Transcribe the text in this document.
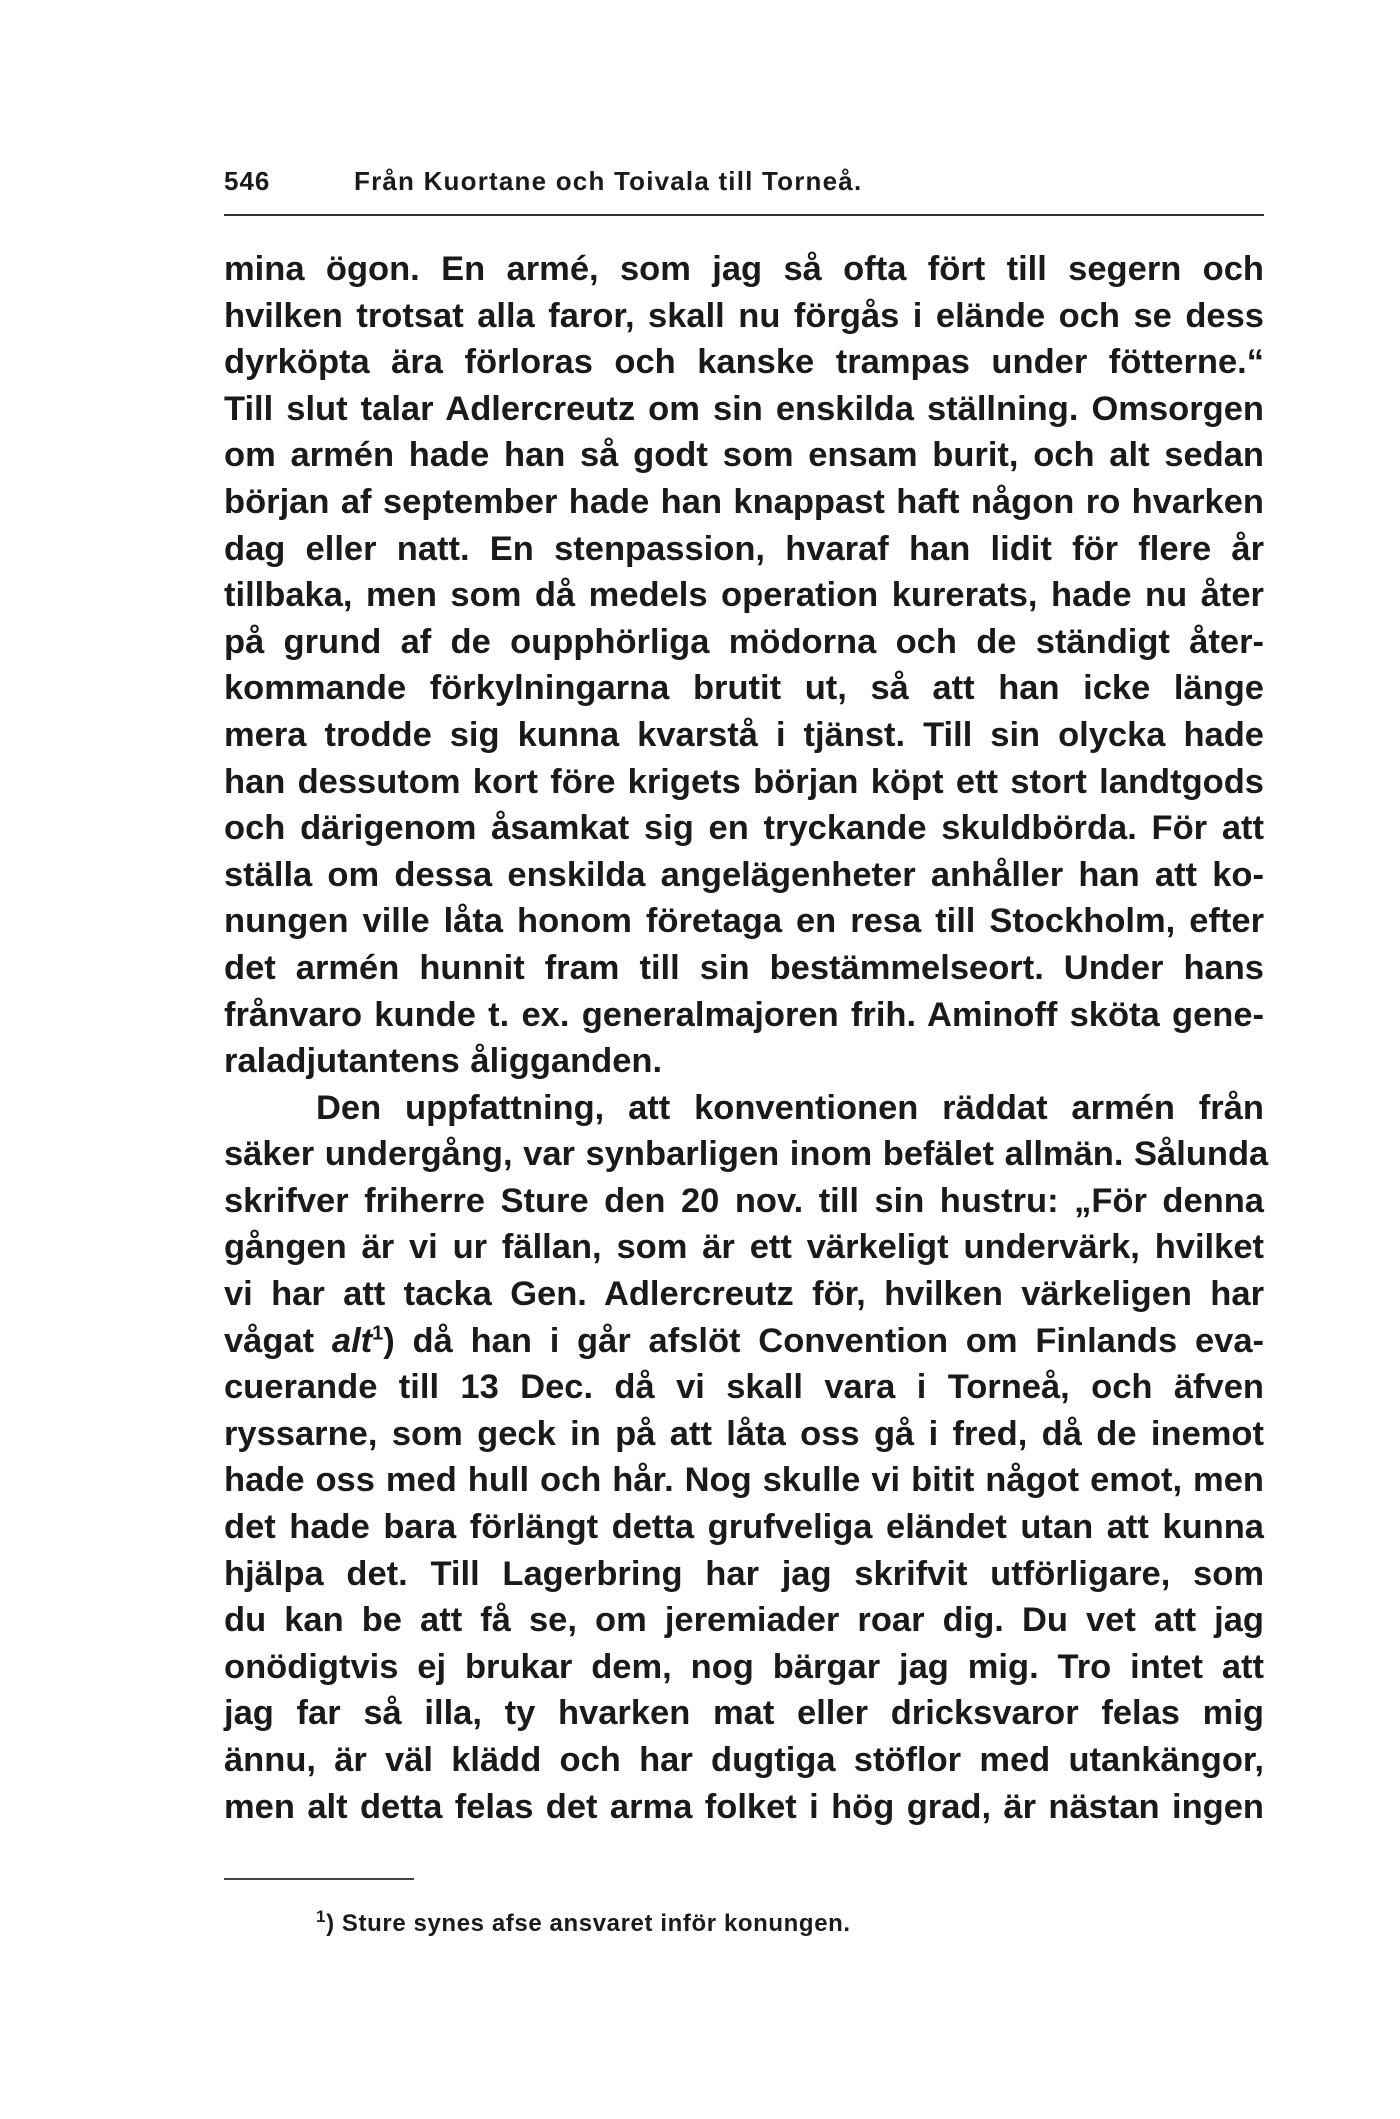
546	Från Kuortane och Toivala till Torneå.

mina ögon. En armé, som jag så ofta fört till segern och
hvilken trotsat alla faror, skall nu förgås i elände och se dess
dyrköpta ära förloras och kanske trampas under fötterne.“
Till slut talar Adlercreutz om sin enskilda ställning. Omsorgen
om armén hade han så godt som ensam burit, och alt sedan
början af september hade han knappast haft någon ro hvarken
dag eller natt. En stenpassion, hvaraf han lidit för flere år
tillbaka, men som då medels operation kurerats, hade nu åter
på grund af de oupphörliga mödorna och de ständigt åter-
kommande förkylningarna brutit ut, så att han icke länge
mera trodde sig kunna kvarstå i tjänst. Till sin olycka hade
han dessutom kort före krigets början köpt ett stort landtgods
och därigenom åsamkat sig en tryckande skuldbörda. För att
ställa om dessa enskilda angelägenheter anhåller han att ko-
nungen ville låta honom företaga en resa till Stockholm, efter
det armén hunnit fram till sin bestämmelseort. Under hans
frånvaro kunde t. ex. generalmajoren frih. Aminoff sköta gene-
raladjutantens åligganden.

Den uppfattning, att konventionen räddat armén från
säker undergång, var synbarligen inom befälet allmän. Sålunda
skrifver friherre Sture den 20 nov. till sin hustru: „För denna
gången är vi ur fällan, som är ett värkeligt undervärk, hvilket
vi har att tacka Gen. Adlercreutz för, hvilken värkeligen har
vågat alt$^1$) då han i går afslöt Convention om Finlands eva-
cuerande till 13 Dec. då vi skall vara i Torneå, och äfven
ryssarne, som geck in på att låta oss gå i fred, då de inemot
hade oss med hull och hår. Nog skulle vi bitit något emot, men
det hade bara förlängt detta grufveliga eländet utan att kunna
hjälpa det. Till Lagerbring har jag skrifvit utförligare, som
du kan be att få se, om jeremiader roar dig. Du vet att jag
onödigtvis ej brukar dem, nog bärgar jag mig. Tro intet att
jag far så illa, ty hvarken mat eller dricksvaror felas mig
ännu, är väl klädd och har dugtiga stöflor med utankängor,
men alt detta felas det arma folket i hög grad, är nästan ingen

$^1$) Sture synes afse ansvaret inför konungen.
